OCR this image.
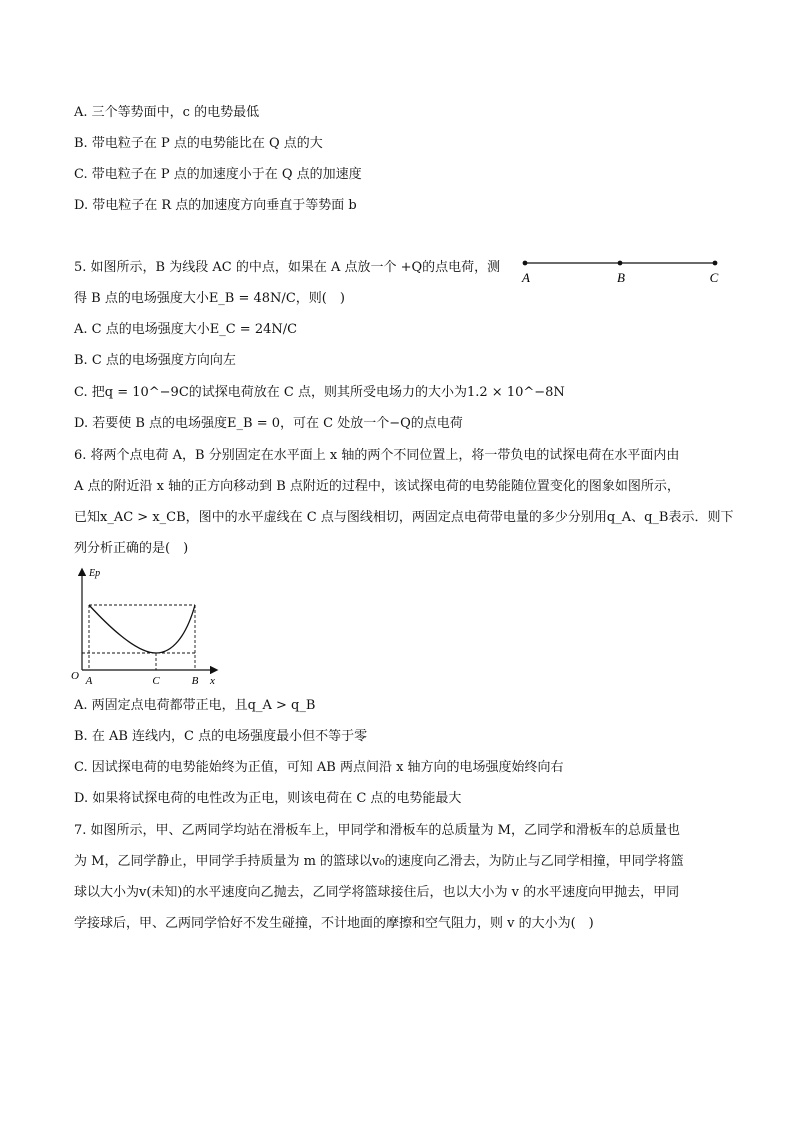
A. 三个等势面中，c 的电势最低
B. 带电粒子在 P 点的电势能比在 Q 点的大
C. 带电粒子在 P 点的加速度小于在 Q 点的加速度
D. 带电粒子在 R 点的加速度方向垂直于等势面 b
5. 如图所示，B 为线段 AC 的中点，如果在 A 点放一个 +Q的点电荷，测
得 B 点的电场强度大小E_B = 48N/C，则(　)
A	B	C
A. C 点的电场强度大小E_C = 24N/C
B. C 点的电场强度方向向左
C. 把q = 10^−9C的试探电荷放在 C 点，则其所受电场力的大小为1.2 × 10^−8N
D. 若要使 B 点的电场强度E_B = 0，可在 C 处放一个−Q的点电荷
6. 将两个点电荷 A，B 分别固定在水平面上 x 轴的两个不同位置上，将一带负电的试探电荷在水平面内由
A 点的附近沿 x 轴的正方向移动到 B 点附近的过程中，该试探电荷的电势能随位置变化的图象如图所示，
已知x_AC > x_CB，图中的水平虚线在 C 点与图线相切，两固定点电荷带电量的多少分别用q_A、q_B表示．则下
列分析正确的是(　)
Ep
x
O A	C	B
A. 两固定点电荷都带正电，且q_A > q_B
B. 在 AB 连线内，C 点的电场强度最小但不等于零
C. 因试探电荷的电势能始终为正值，可知 AB 两点间沿 x 轴方向的电场强度始终向右
D. 如果将试探电荷的电性改为正电，则该电荷在 C 点的电势能最大
7. 如图所示，甲、乙两同学均站在滑板车上，甲同学和滑板车的总质量为 M，乙同学和滑板车的总质量也
为 M，乙同学静止，甲同学手持质量为 m 的篮球以v₀的速度向乙滑去，为防止与乙同学相撞，甲同学将篮
球以大小为v(未知)的水平速度向乙抛去，乙同学将篮球接住后，也以大小为 v 的水平速度向甲抛去，甲同
学接球后，甲、乙两同学恰好不发生碰撞，不计地面的摩擦和空气阻力，则 v 的大小为(　)
